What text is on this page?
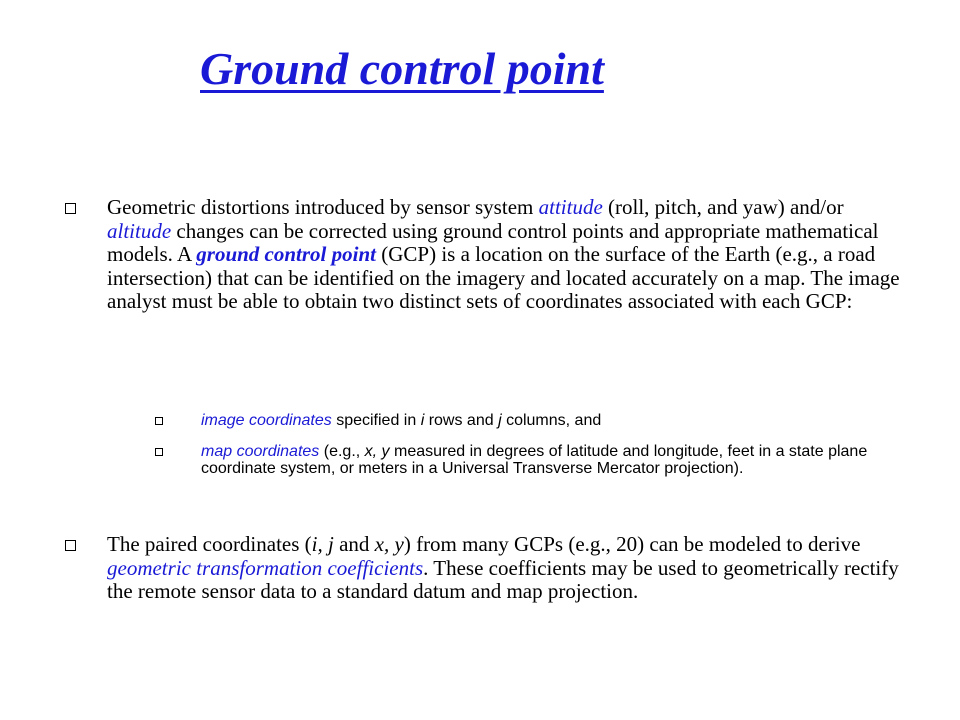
Ground control point
Geometric distortions introduced by sensor system attitude (roll, pitch, and yaw) and/or altitude changes can be corrected using ground control points and appropriate mathematical models. A ground control point (GCP) is a location on the surface of the Earth (e.g., a road intersection) that can be identified on the imagery and located accurately on a map. The image analyst must be able to obtain two distinct sets of coordinates associated with each GCP:
image coordinates specified in i rows and j columns, and
map coordinates (e.g., x, y measured in degrees of latitude and longitude, feet in a state plane coordinate system, or meters in a Universal Transverse Mercator projection).
The paired coordinates (i, j and x, y) from many GCPs (e.g., 20) can be modeled to derive geometric transformation coefficients. These coefficients may be used to geometrically rectify the remote sensor data to a standard datum and map projection.
